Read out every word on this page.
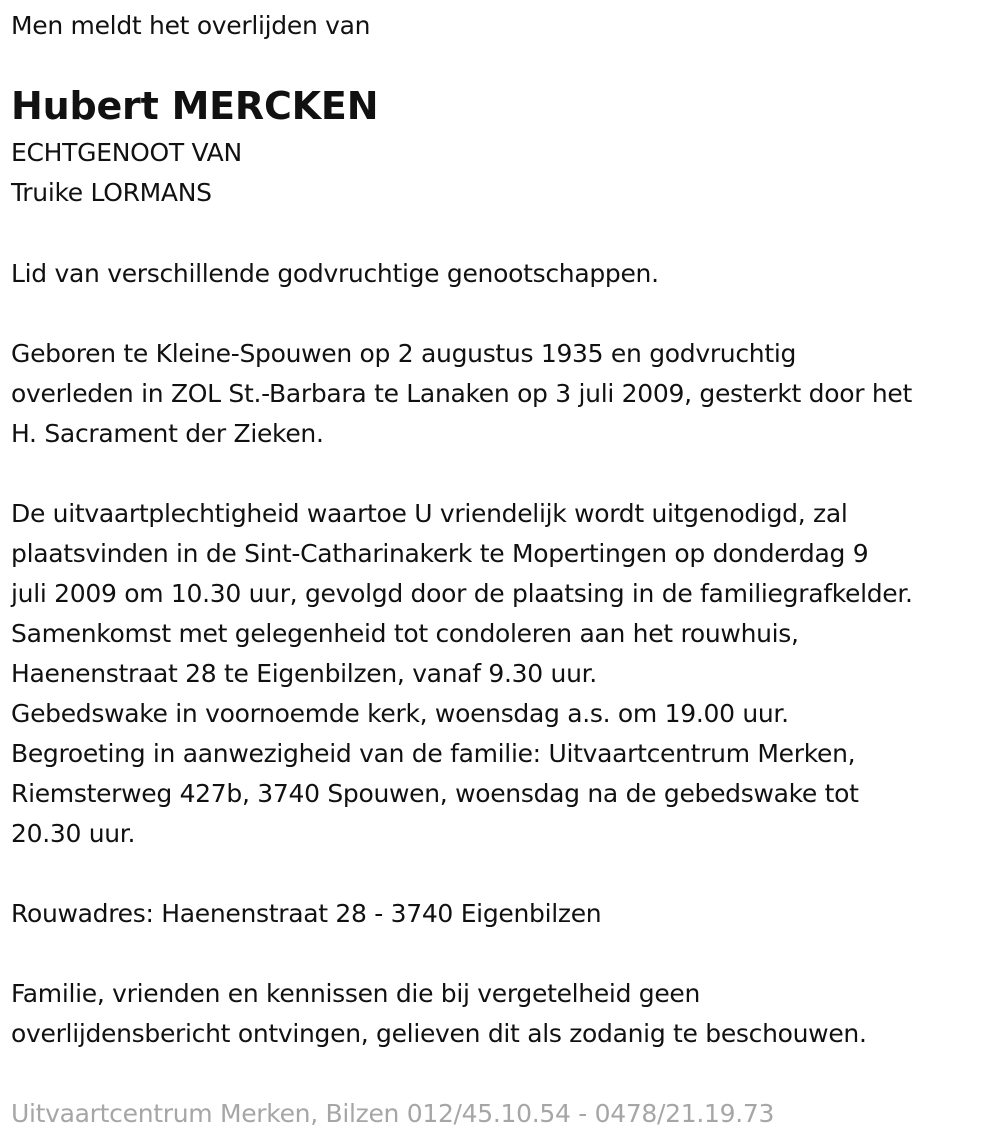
Men meldt het overlijden van
Hubert MERCKEN
ECHTGENOOT VAN
Truike LORMANS
Lid van verschillende godvruchtige genootschappen.
Geboren te Kleine-Spouwen op 2 augustus 1935 en godvruchtig
overleden in ZOL St.-Barbara te Lanaken op 3 juli 2009, gesterkt door het
H. Sacrament der Zieken.
De uitvaartplechtigheid waartoe U vriendelijk wordt uitgenodigd, zal
plaatsvinden in de Sint-Catharinakerk te Mopertingen op donderdag 9
juli 2009 om 10.30 uur, gevolgd door de plaatsing in de familiegrafkelder.
Samenkomst met gelegenheid tot condoleren aan het rouwhuis,
Haenenstraat 28 te Eigenbilzen, vanaf 9.30 uur.
Gebedswake in voornoemde kerk, woensdag a.s. om 19.00 uur.
Begroeting in aanwezigheid van de familie: Uitvaartcentrum Merken,
Riemsterweg 427b, 3740 Spouwen, woensdag na de gebedswake tot
20.30 uur.
Rouwadres: Haenenstraat 28 - 3740 Eigenbilzen
Familie, vrienden en kennissen die bij vergetelheid geen
overlijdensbericht ontvingen, gelieven dit als zodanig te beschouwen.
Uitvaartcentrum Merken, Bilzen 012/45.10.54 - 0478/21.19.73
